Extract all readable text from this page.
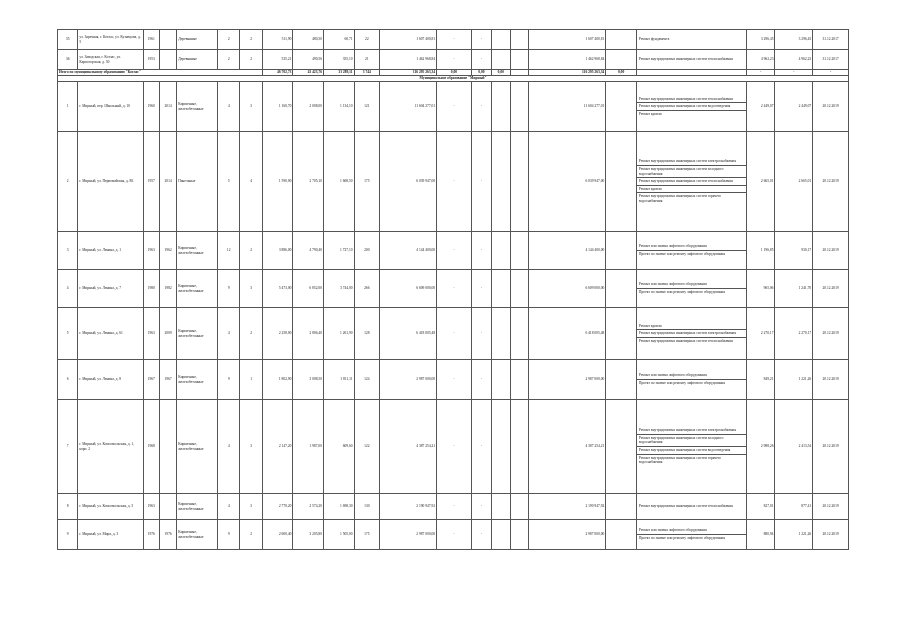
35	ул. Заречная, г. Котлас, ул. Кузнецова, д. 5	1961		Деревянные	2	2	511,90	480,50	60,71	22	1 607 400,81	-	-			1 607 400,81		Ремонт фундамента	3 296,45	3 296,45	31.12.2017
36	ул. Заводская, г. Котлас, ул. Карпогорская, д. 30	1953		Деревянные	2	2	535,21	490,56	355,10	21	1 462 968,84	-	-			1 462 968,84		Ремонт внутридомовых инженерных систем теплоснабжения	4 962,23	4 962,23	31.12.2017
Итого по муниципальному образованию "Котлас"							46 702,73	43 423,76	33 289,11	3 744	116 295 263,34	0,00	0,00	0,00		116 295 263,34	0,00		-	-	-
Муниципальное образование "Мирный"																					
1	г. Мирный, пер. Школьный, д. 10	1960	2014	Кирпичные, железобетонные	4	3	1 160,70	2 008,00	1 134,10	121	11 604 277,01	-	-			11 604 277,01		Ремонт внутридомовых инженерных систем теплоснабжения
Ремонт внутридомовых инженерных систем водоотведения
Ремонт кровли	2 449,07	2 449,07	20.12.2019
2	г. Мирный, ул. Первомайская, д. 8Б	1957	2014	Панельные	5	4	1 590,00	2 705,10	1 668,50	175	6 039 947,00	-	-			6 039 947,00		Ремонт внутридомовых инженерных систем электроснабжения
Ремонт внутридомовых инженерных систем холодного водоснабжения
Ремонт внутридомовых инженерных систем теплоснабжения
Ремонт кровли
Ремонт внутридомовых инженерных систем горячего водоснабжения	2 665,01	2 665,01	20.12.2019
3	г. Мирный, ул. Ленина, д. 1	1963	1962	Кирпичные, железобетонные	12	2	3 886,00	4 790,40	1 727,10	200	4 144 400,00	-	-			4 144 400,00		Ремонт или замена лифтового оборудования
Проект по замене или ремонту лифтового оборудования	1 196,85	930,17	20.12.2019
4	г. Мирный, ул. Ленина, д. 7	1980	1982	Кирпичные, железобетонные	9	3	5 473,00	6 852,00	3 744,00	266	6 609 000,00	-	-			6 609 000,00		Ремонт или замена лифтового оборудования
Проект по замене или ремонту лифтового оборудования	965,06	1 241,70	20.12.2019
5	г. Мирный, ул. Ленина, д. 61	1963	2009	Кирпичные, железобетонные	4	2	2 258,00	2 806,40	1 261,90	128	6 418 005,48	-	-			6 418 005,48		Ремонт кровли
Ремонт внутридомовых инженерных систем электроснабжения
Ремонт внутридомовых инженерных систем теплоснабжения	2 270,17	2 270,17	20.12.2019
6	г. Мирный, ул. Ленина, д. 8	1967	1967	Кирпичные, железобетонные	9	1	1 802,90	3 008,50	1 811,11	124	2 987 000,00	-	-			2 987 000,00		Ремонт или замена лифтового оборудования
Проект по замене или ремонту лифтового оборудования	849,21	1 221,26	20.12.2019
7	г. Мирный, ул. Комсомольская, д. 1, корп. 2	1968		Кирпичные, железобетонные	4	3	2 147,20	1 987,00	609,60	122	4 387 254,21	-	-			4 387 254,21		Ремонт внутридомовых инженерных систем электроснабжения
Ремонт внутридомовых инженерных систем холодного водоснабжения
Ремонт внутридомовых инженерных систем водоотведения
Ремонт внутридомовых инженерных систем горячего водоснабжения	2 988,26	2 413,54	20.12.2019
8	г. Мирный, ул. Комсомольская, д. 5	1963		Кирпичные, железобетонные	4	3	2 770,20	2 574,20	1 698,30	130	2 190 947,92	-	-			2 190 947,92		Ремонт внутридомовых инженерных систем теплоснабжения	827,01	877,41	20.12.2019
9	г. Мирный, ул. Мира, д. 3	1976	1976	Кирпичные, железобетонные	9	2	2 600,40	3 205,80	1 505,00	175	2 987 000,00	-	-			2 987 000,00		Ремонт или замена лифтового оборудования
Проект по замене или ремонту лифтового оборудования	880,94	1 221,26	20.12.2019
